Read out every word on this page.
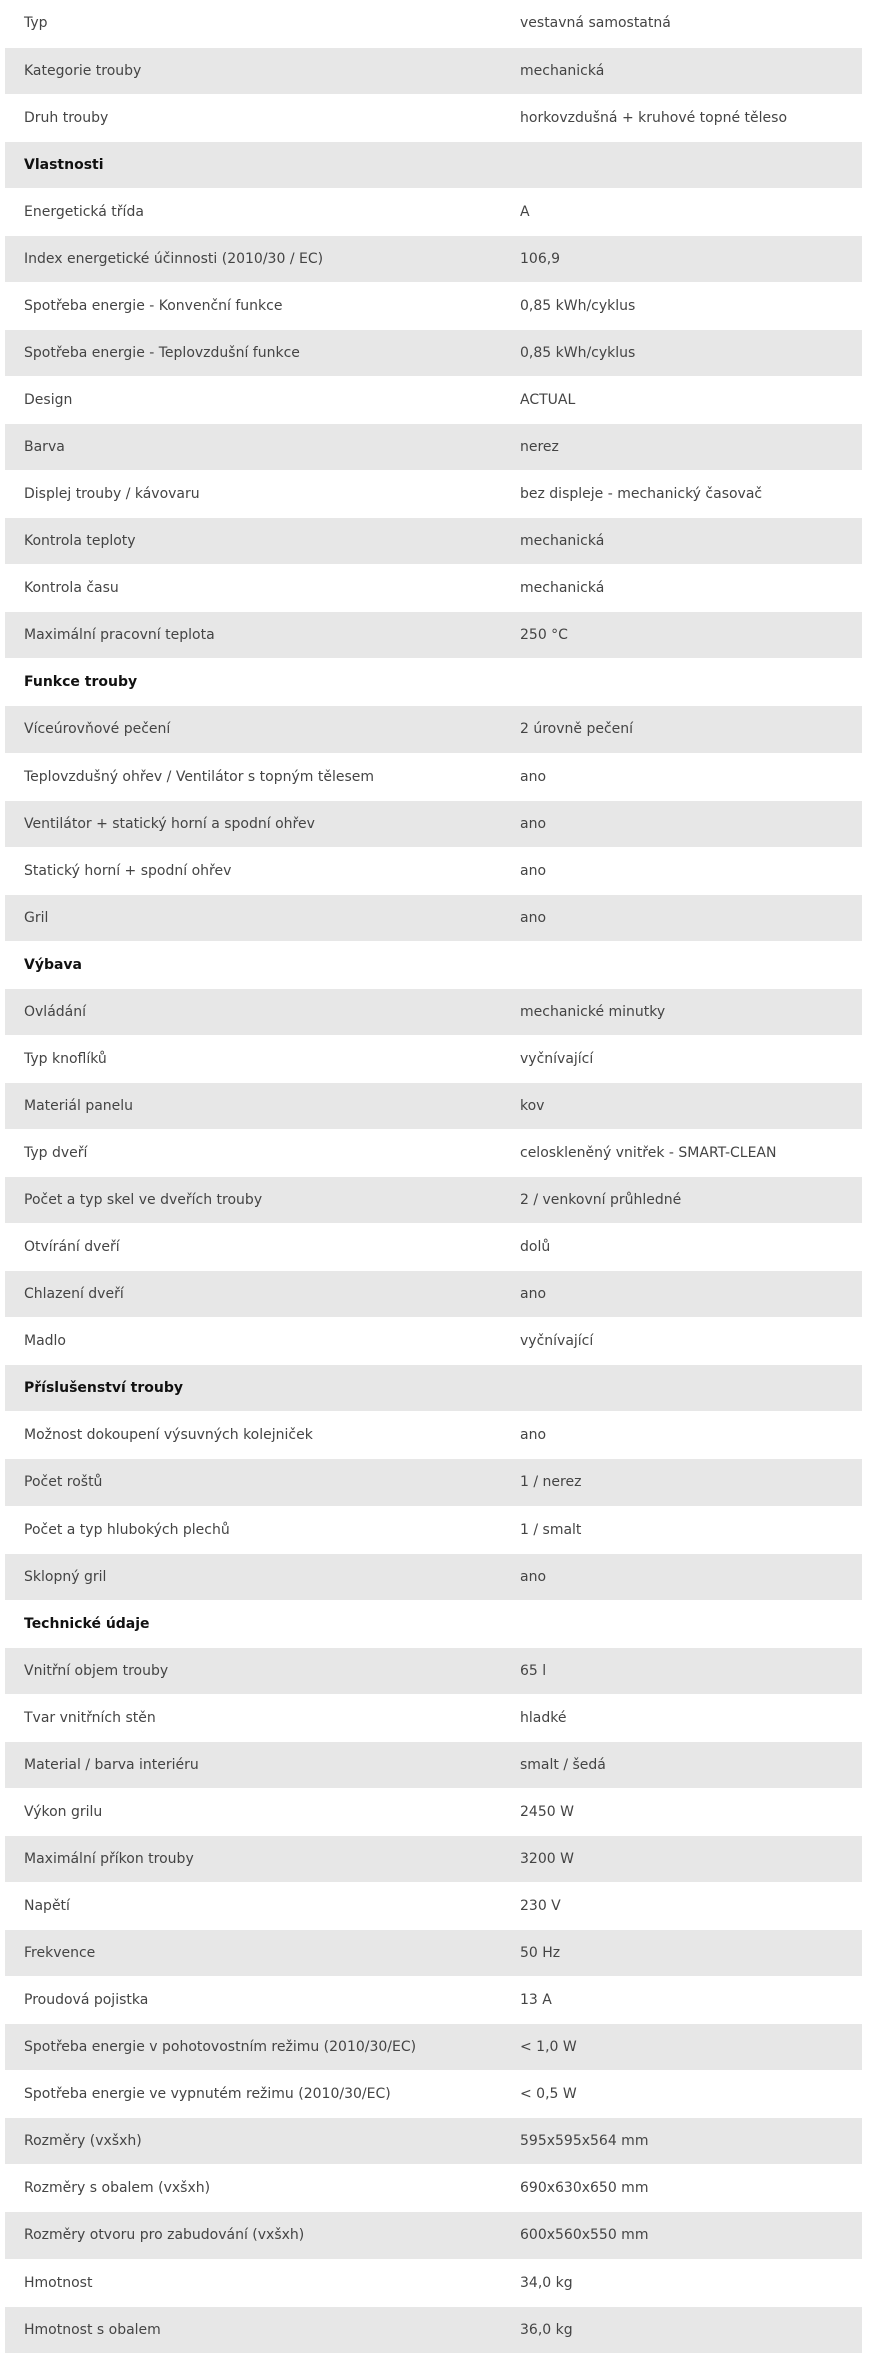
Typ	vestavná samostatná
Kategorie trouby	mechanická
Druh trouby	horkovzdušná + kruhové topné těleso
Vlastnosti	
Energetická třída	A
Index energetické účinnosti (2010/30 / EC)	106,9
Spotřeba energie - Konvenční funkce	0,85 kWh/cyklus
Spotřeba energie - Teplovzdušní funkce	0,85 kWh/cyklus
Design	ACTUAL
Barva	nerez
Displej trouby / kávovaru	bez displeje - mechanický časovač
Kontrola teploty	mechanická
Kontrola času	mechanická
Maximální pracovní teplota	250 °C
Funkce trouby	
Víceúrovňové pečení	2 úrovně pečení
Teplovzdušný ohřev / Ventilátor s topným tělesem	ano
Ventilátor + statický horní a spodní ohřev	ano
Statický horní + spodní ohřev	ano
Gril	ano
Výbava	
Ovládání	mechanické minutky
Typ knoflíků	vyčnívající
Materiál panelu	kov
Typ dveří	celoskleněný vnitřek - SMART-CLEAN
Počet a typ skel ve dveřích trouby	2 / venkovní průhledné
Otvírání dveří	dolů
Chlazení dveří	ano
Madlo	vyčnívající
Příslušenství trouby	
Možnost dokoupení výsuvných kolejniček	ano
Počet roštů	1 / nerez
Počet a typ hlubokých plechů	1 / smalt
Sklopný gril	ano
Technické údaje	
Vnitřní objem trouby	65 l
Tvar vnitřních stěn	hladké
Material / barva interiéru	smalt / šedá
Výkon grilu	2450 W
Maximální příkon trouby	3200 W
Napětí	230 V
Frekvence	50 Hz
Proudová pojistka	13 A
Spotřeba energie v pohotovostním režimu (2010/30/EC)	< 1,0 W
Spotřeba energie ve vypnutém režimu (2010/30/EC)	< 0,5 W
Rozměry (vxšxh)	595x595x564 mm
Rozměry s obalem (vxšxh)	690x630x650 mm
Rozměry otvoru pro zabudování (vxšxh)	600x560x550 mm
Hmotnost	34,0 kg
Hmotnost s obalem	36,0 kg
